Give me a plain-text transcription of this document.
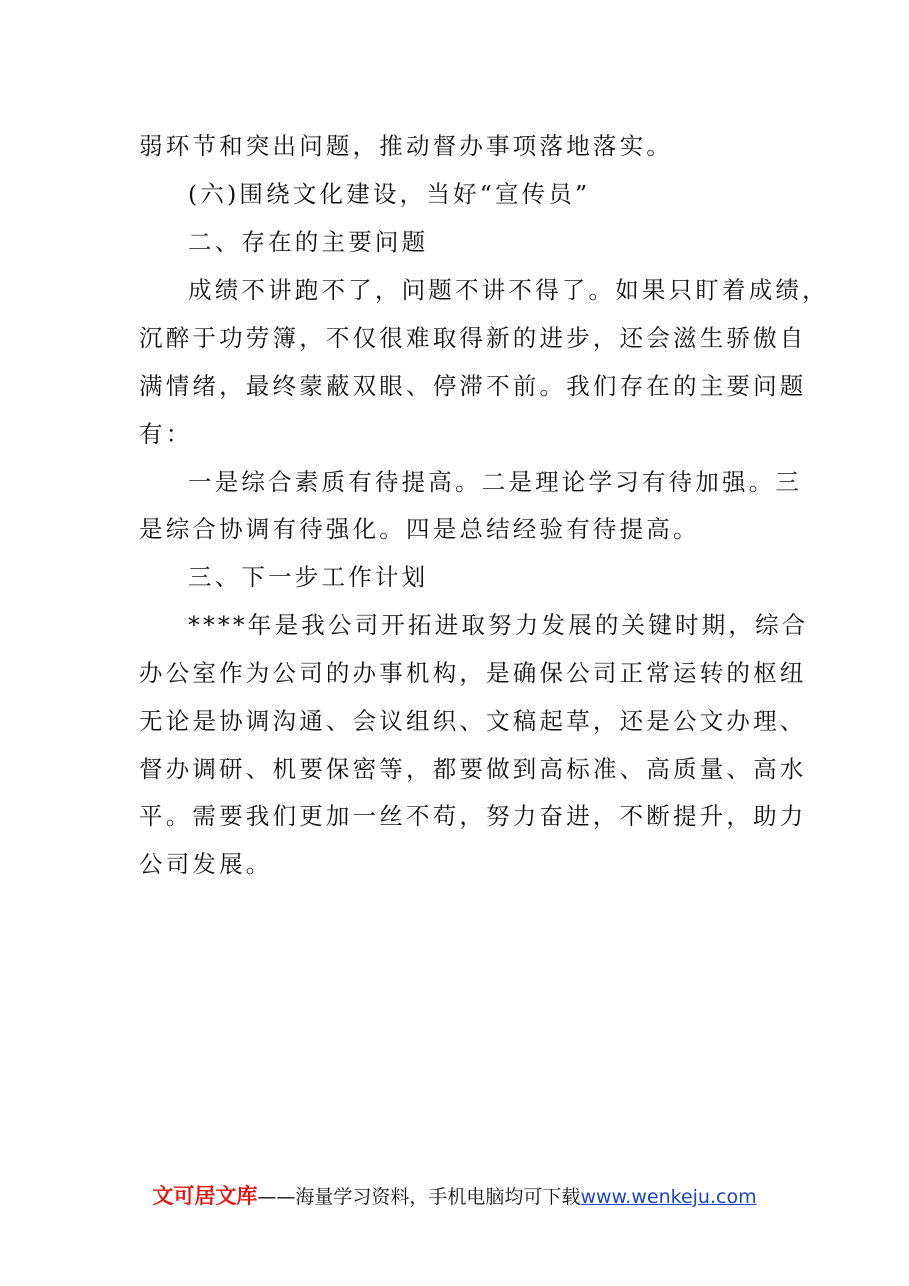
弱环节和突出问题，推动督办事项落地落实。
(六)围绕文化建设，当好“宣传员”
二、存在的主要问题
成绩不讲跑不了，问题不讲不得了。如果只盯着成绩，
沉醉于功劳簿，不仅很难取得新的进步，还会滋生骄傲自
满情绪，最终蒙蔽双眼、停滞不前。我们存在的主要问题
有：
一是综合素质有待提高。二是理论学习有待加强。三
是综合协调有待强化。四是总结经验有待提高。
三、下一步工作计划
****年是我公司开拓进取努力发展的关键时期，综合
办公室作为公司的办事机构，是确保公司正常运转的枢纽
无论是协调沟通、会议组织、文稿起草，还是公文办理、
督办调研、机要保密等，都要做到高标准、高质量、高水
平。需要我们更加一丝不苟，努力奋进，不断提升，助力
公司发展。
文可居文库——海量学习资料，手机电脑均可下载www.wenkeju.com
